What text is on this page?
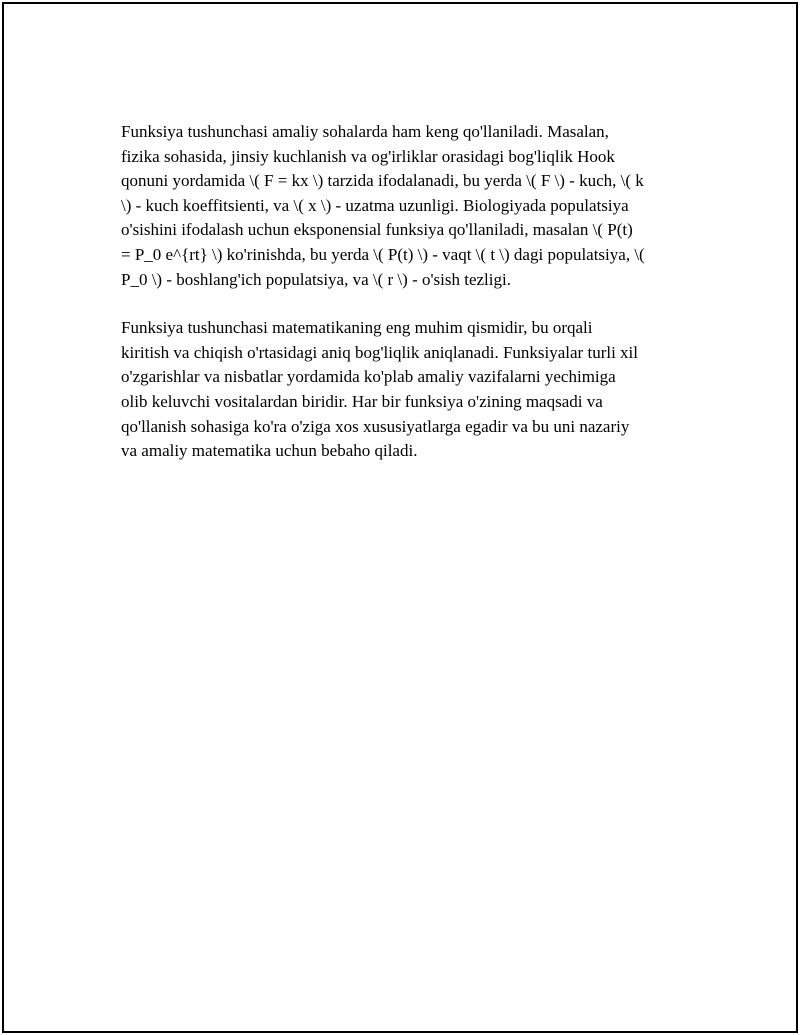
Funksiya tushunchasi amaliy sohalarda ham keng qo'llaniladi. Masalan,
fizika sohasida, jinsiy kuchlanish va og'irliklar orasidagi bog'liqlik Hook
qonuni yordamida \( F = kx \) tarzida ifodalanadi, bu yerda \( F \) - kuch, \( k
\) - kuch koeffitsienti, va \( x \) - uzatma uzunligi. Biologiyada populatsiya
o'sishini ifodalash uchun eksponensial funksiya qo'llaniladi, masalan \( P(t)
= P_0 e^{rt} \) ko'rinishda, bu yerda \( P(t) \) - vaqt \( t \) dagi populatsiya, \(
P_0 \) - boshlang'ich populatsiya, va \( r \) - o'sish tezligi.

Funksiya tushunchasi matematikaning eng muhim qismidir, bu orqali
kiritish va chiqish o'rtasidagi aniq bog'liqlik aniqlanadi. Funksiyalar turli xil
o'zgarishlar va nisbatlar yordamida ko'plab amaliy vazifalarni yechimiga
olib keluvchi vositalardan biridir. Har bir funksiya o'zining maqsadi va
qo'llanish sohasiga ko'ra o'ziga xos xususiyatlarga egadir va bu uni nazariy
va amaliy matematika uchun bebaho qiladi.
